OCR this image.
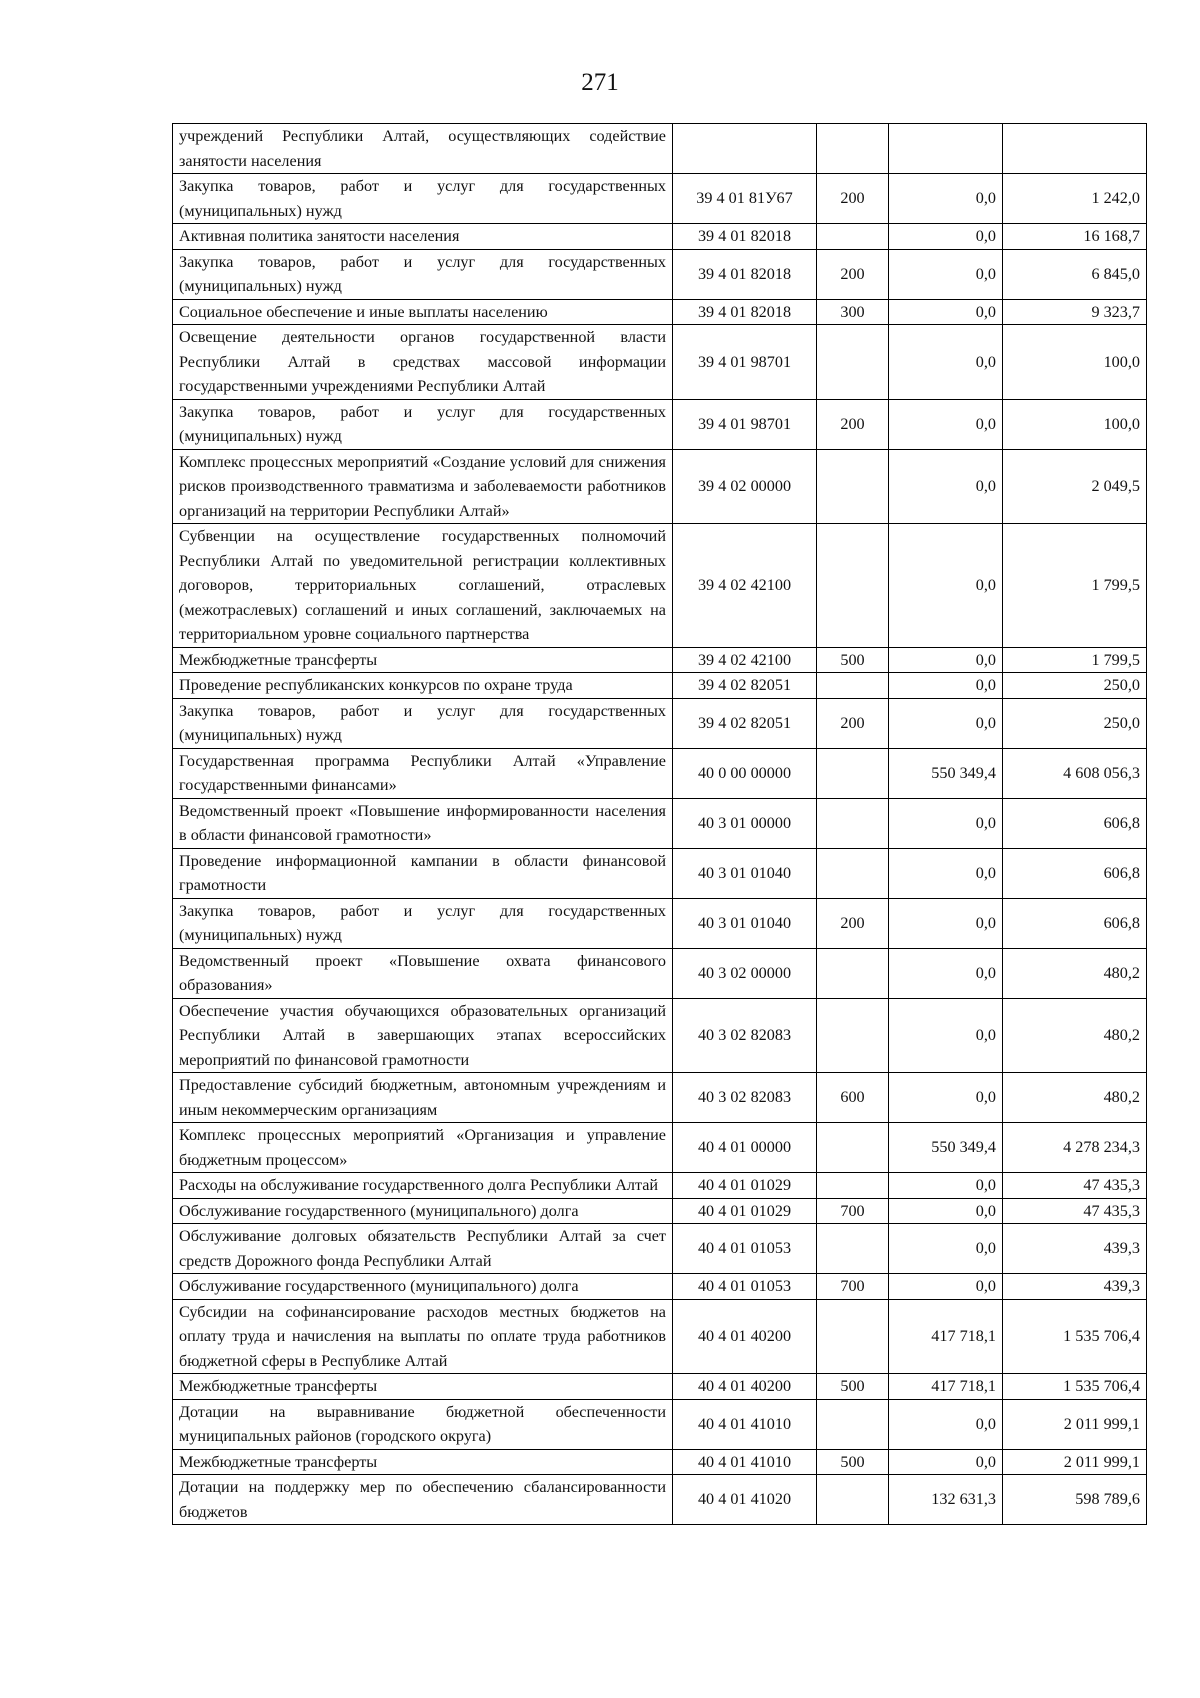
271
учреждений Республики Алтай, осуществляющих содействие занятости населения				
Закупка товаров, работ и услуг для государственных (муниципальных) нужд	39 4 01 81У67	200	0,0	1 242,0
Активная политика занятости населения	39 4 01 82018		0,0	16 168,7
Закупка товаров, работ и услуг для государственных (муниципальных) нужд	39 4 01 82018	200	0,0	6 845,0
Социальное обеспечение и иные выплаты населению	39 4 01 82018	300	0,0	9 323,7
Освещение деятельности органов государственной власти Республики Алтай в средствах массовой информации государственными учреждениями Республики Алтай	39 4 01 98701		0,0	100,0
Закупка товаров, работ и услуг для государственных (муниципальных) нужд	39 4 01 98701	200	0,0	100,0
Комплекс процессных мероприятий «Создание условий для снижения рисков производственного травматизма и заболеваемости работников организаций на территории Республики Алтай»	39 4 02 00000		0,0	2 049,5
Субвенции на осуществление государственных полномочий Республики Алтай по уведомительной регистрации коллективных договоров, территориальных соглашений, отраслевых (межотраслевых) соглашений и иных соглашений, заключаемых на территориальном уровне социального партнерства	39 4 02 42100		0,0	1 799,5
Межбюджетные трансферты	39 4 02 42100	500	0,0	1 799,5
Проведение республиканских конкурсов по охране труда	39 4 02 82051		0,0	250,0
Закупка товаров, работ и услуг для государственных (муниципальных) нужд	39 4 02 82051	200	0,0	250,0
Государственная программа Республики Алтай «Управление государственными финансами»	40 0 00 00000		550 349,4	4 608 056,3
Ведомственный проект «Повышение информированности населения в области финансовой грамотности»	40 3 01 00000		0,0	606,8
Проведение информационной кампании в области финансовой грамотности	40 3 01 01040		0,0	606,8
Закупка товаров, работ и услуг для государственных (муниципальных) нужд	40 3 01 01040	200	0,0	606,8
Ведомственный проект «Повышение охвата финансового образования»	40 3 02 00000		0,0	480,2
Обеспечение участия обучающихся образовательных организаций Республики Алтай в завершающих этапах всероссийских мероприятий по финансовой грамотности	40 3 02 82083		0,0	480,2
Предоставление субсидий бюджетным, автономным учреждениям и иным некоммерческим организациям	40 3 02 82083	600	0,0	480,2
Комплекс процессных мероприятий «Организация и управление бюджетным процессом»	40 4 01 00000		550 349,4	4 278 234,3
Расходы на обслуживание государственного долга Республики Алтай	40 4 01 01029		0,0	47 435,3
Обслуживание государственного (муниципального) долга	40 4 01 01029	700	0,0	47 435,3
Обслуживание долговых обязательств Республики Алтай за счет средств Дорожного фонда Республики Алтай	40 4 01 01053		0,0	439,3
Обслуживание государственного (муниципального) долга	40 4 01 01053	700	0,0	439,3
Субсидии на софинансирование расходов местных бюджетов на оплату труда и начисления на выплаты по оплате труда работников бюджетной сферы в Республике Алтай	40 4 01 40200		417 718,1	1 535 706,4
Межбюджетные трансферты	40 4 01 40200	500	417 718,1	1 535 706,4
Дотации на выравнивание бюджетной обеспеченности муниципальных районов (городского округа)	40 4 01 41010		0,0	2 011 999,1
Межбюджетные трансферты	40 4 01 41010	500	0,0	2 011 999,1
Дотации на поддержку мер по обеспечению сбалансированности бюджетов	40 4 01 41020		132 631,3	598 789,6
